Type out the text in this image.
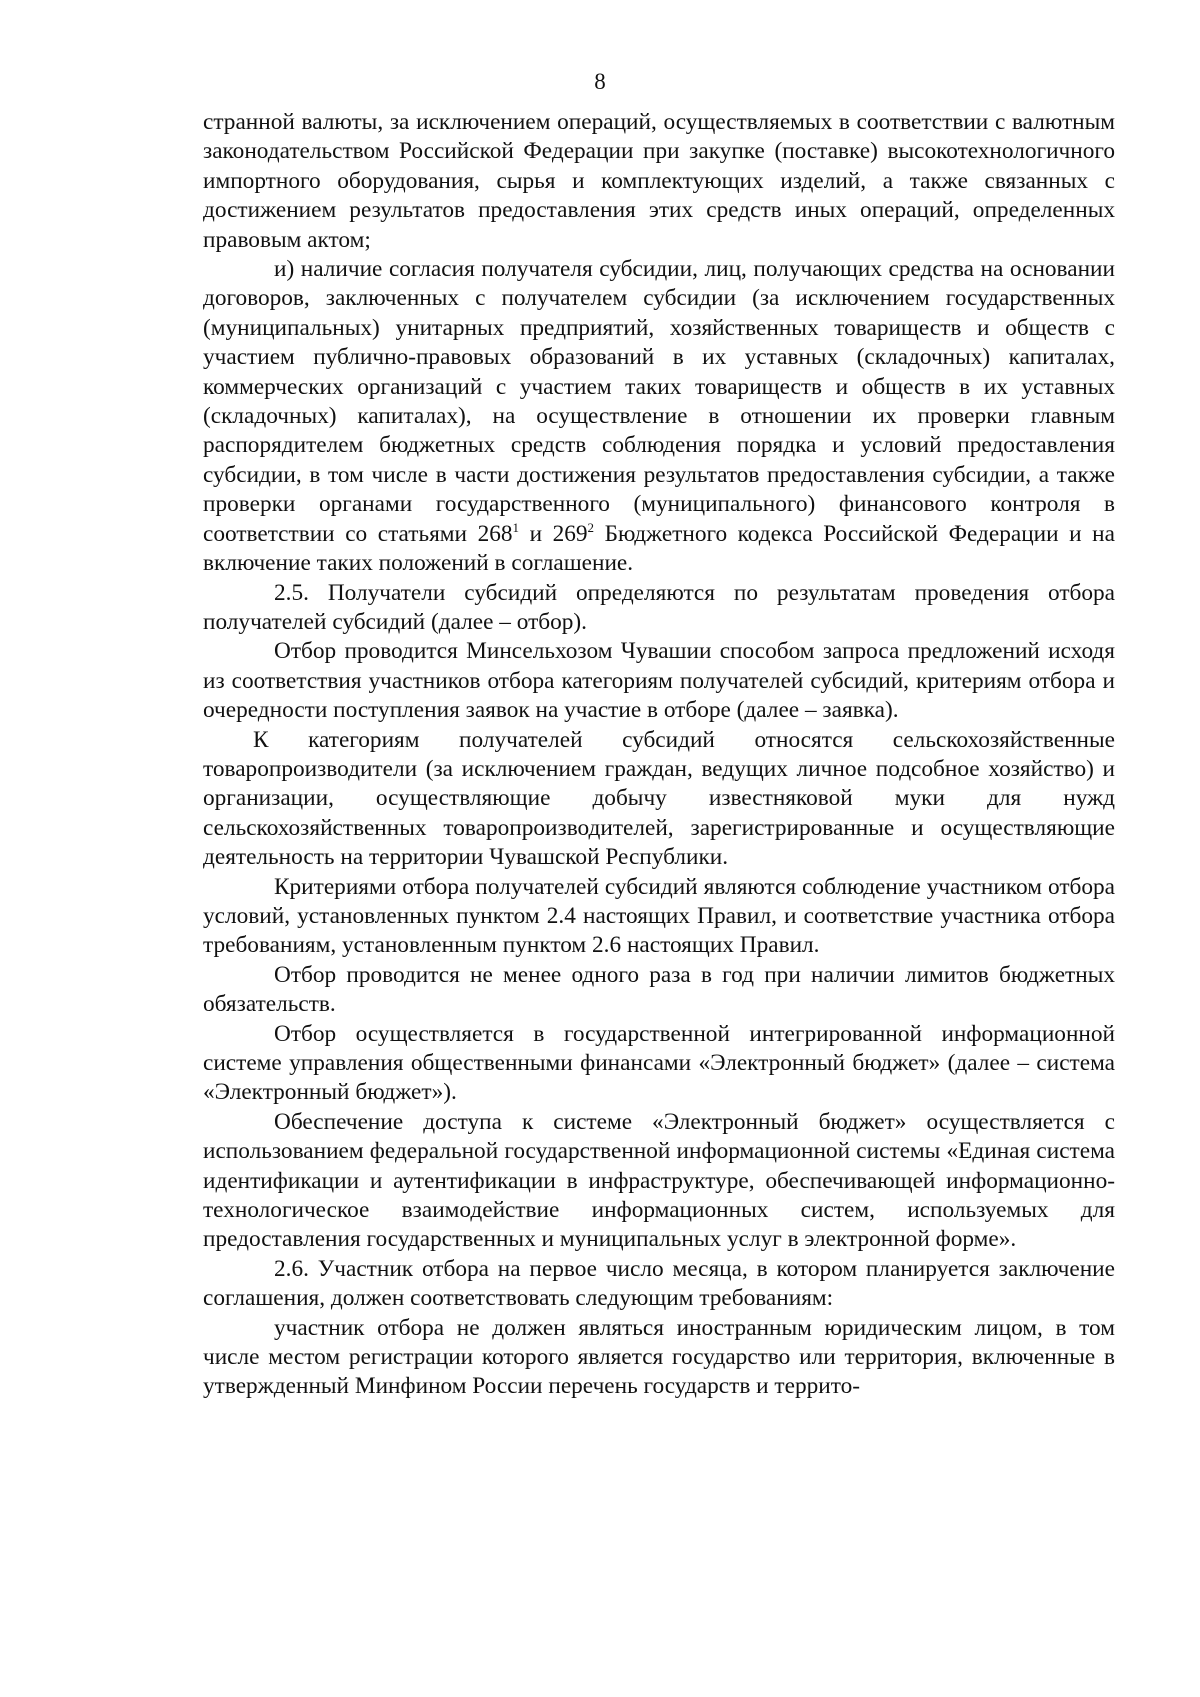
8

странной валюты, за исключением операций, осуществляемых в соответствии с валютным законодательством Российской Федерации при закупке (поставке) высокотехнологичного импортного оборудования, сырья и комплектующих изделий, а также связанных с достижением результатов предоставления этих средств иных операций, определенных правовым актом;

и) наличие согласия получателя субсидии, лиц, получающих средства на основании договоров, заключенных с получателем субсидии (за исключением государственных (муниципальных) унитарных предприятий, хозяйственных товариществ и обществ с участием публично-правовых образований в их уставных (складочных) капиталах, коммерческих организаций с участием таких товариществ и обществ в их уставных (складочных) капиталах), на осуществление в отношении их проверки главным распорядителем бюджетных средств соблюдения порядка и условий предоставления субсидии, в том числе в части достижения результатов предоставления субсидии, а также проверки органами государственного (муниципального) финансового контроля в соответствии со статьями $268^1$ и $269^2$ Бюджетного кодекса Российской Федерации и на включение таких положений в соглашение.

2.5. Получатели субсидий определяются по результатам проведения отбора получателей субсидий (далее – отбор).

Отбор проводится Минсельхозом Чувашии способом запроса предложений исходя из соответствия участников отбора категориям получателей субсидий, критериям отбора и очередности поступления заявок на участие в отборе (далее – заявка).

К категориям получателей субсидий относятся сельскохозяйственные товаропроизводители (за исключением граждан, ведущих личное подсобное хозяйство) и организации, осуществляющие добычу известняковой муки для нужд сельскохозяйственных товаропроизводителей, зарегистрированные и осуществляющие деятельность на территории Чувашской Республики.

Критериями отбора получателей субсидий являются соблюдение участником отбора условий, установленных пунктом 2.4 настоящих Правил, и соответствие участника отбора требованиям, установленным пунктом 2.6 настоящих Правил.

Отбор проводится не менее одного раза в год при наличии лимитов бюджетных обязательств.

Отбор осуществляется в государственной интегрированной информационной системе управления общественными финансами «Электронный бюджет» (далее – система «Электронный бюджет»).

Обеспечение доступа к системе «Электронный бюджет» осуществляется с использованием федеральной государственной информационной системы «Единая система идентификации и аутентификации в инфраструктуре, обеспечивающей информационно-технологическое взаимодействие информационных систем, используемых для предоставления государственных и муниципальных услуг в электронной форме».

2.6. Участник отбора на первое число месяца, в котором планируется заключение соглашения, должен соответствовать следующим требованиям:

участник отбора не должен являться иностранным юридическим лицом, в том числе местом регистрации которого является государство или территория, включенные в утвержденный Минфином России перечень государств и террито-
